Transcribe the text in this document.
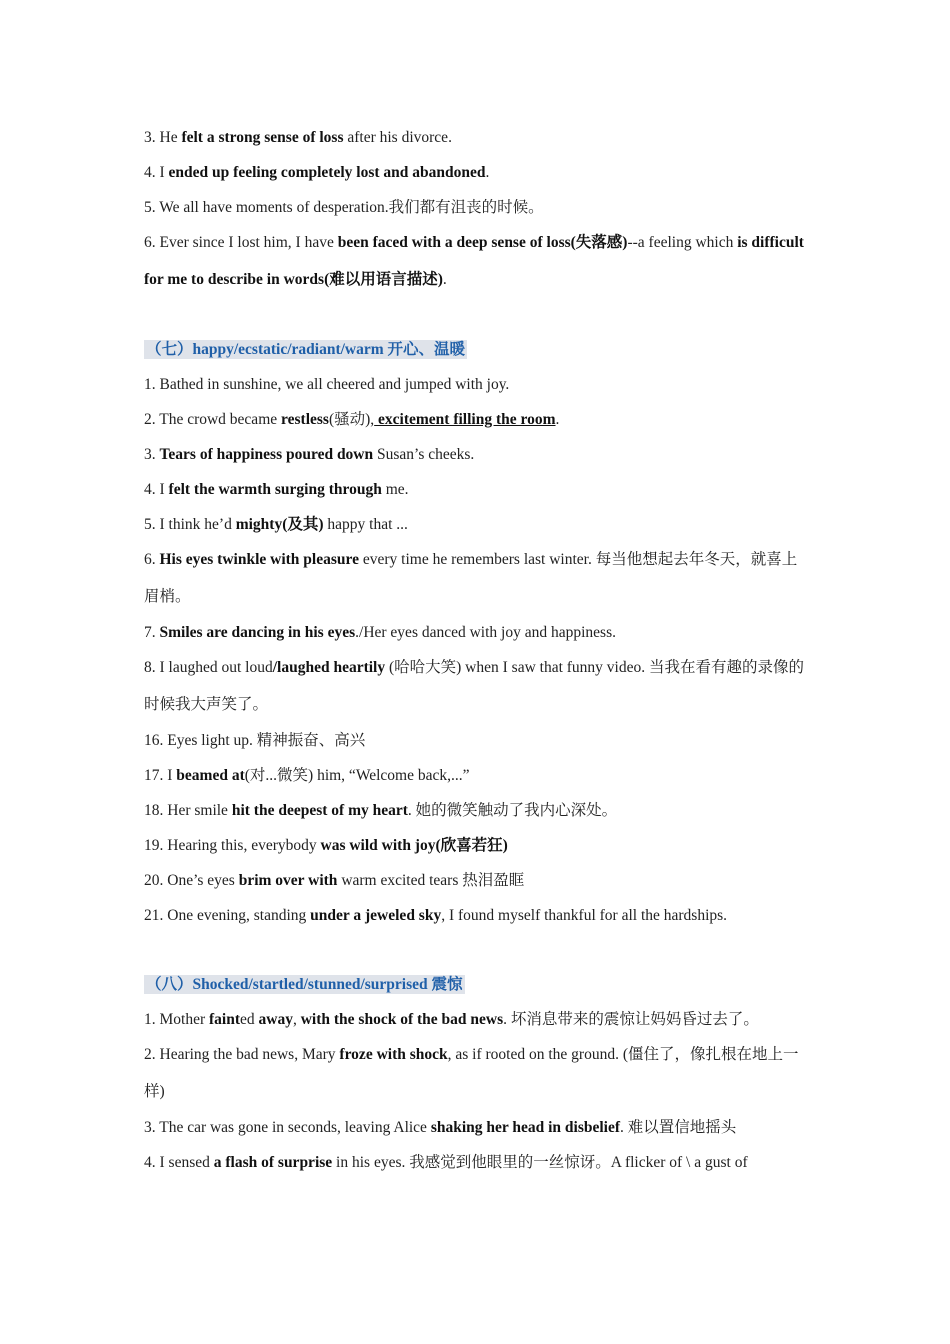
3. He felt a strong sense of loss after his divorce.

4. I ended up feeling completely lost and abandoned.

5. We all have moments of desperation.我们都有沮丧的时候。

6. Ever since I lost him, I have been faced with a deep sense of loss(失落感)--a feeling which is difficult for me to describe in words(难以用语言描述).

（七）happy/ecstatic/radiant/warm 开心、温暖

1. Bathed in sunshine, we all cheered and jumped with joy.

2. The crowd became restless(骚动), excitement filling the room.

3. Tears of happiness poured down Susan’s cheeks.

4. I felt the warmth surging through me.

5. I think he’d mighty(及其) happy that ...

6. His eyes twinkle with pleasure every time he remembers last winter. 每当他想起去年冬天，就喜上眉梢。

7. Smiles are dancing in his eyes./Her eyes danced with joy and happiness.

8. I laughed out loud/laughed heartily (哈哈大笑) when I saw that funny video. 当我在看有趣的录像的时候我大声笑了。

16. Eyes light up. 精神振奋、高兴

17. I beamed at(对...微笑) him, “Welcome back,...”

18. Her smile hit the deepest of my heart. 她的微笑触动了我内心深处。

19. Hearing this, everybody was wild with joy(欣喜若狂)

20. One’s eyes brim over with warm excited tears 热泪盈眶

21. One evening, standing under a jeweled sky, I found myself thankful for all the hardships.

（八）Shocked/startled/stunned/surprised 震惊

1. Mother fainted away, with the shock of the bad news. 坏消息带来的震惊让妈妈昏过去了。

2. Hearing the bad news, Mary froze with shock, as if rooted on the ground. (僵住了，像扎根在地上一样)

3. The car was gone in seconds, leaving Alice shaking her head in disbelief. 难以置信地摇头

4. I sensed a flash of surprise in his eyes. 我感觉到他眼里的一丝惊讶。A flicker of \ a gust of
